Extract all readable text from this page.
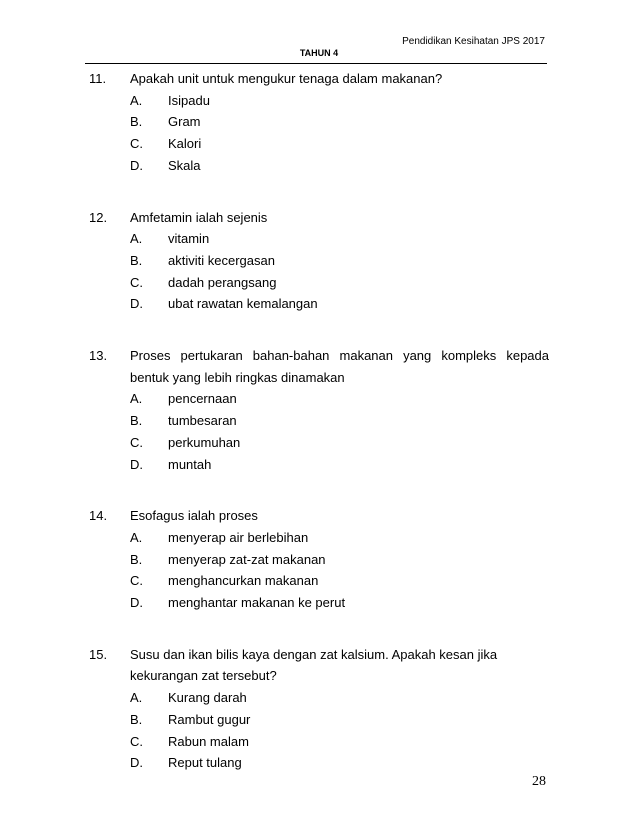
Pendidikan Kesihatan JPS 2017
TAHUN 4
11.	Apakah unit untuk mengukur tenaga dalam makanan?
A.	Isipadu
B.	Gram
C.	Kalori
D.	Skala
12.	Amfetamin ialah sejenis
A.	vitamin
B.	aktiviti kecergasan
C.	dadah perangsang
D.	ubat rawatan kemalangan
13.	Proses pertukaran bahan-bahan makanan yang kompleks kepada bentuk yang lebih ringkas dinamakan
A.	pencernaan
B.	tumbesaran
C.	perkumuhan
D.	muntah
14.	Esofagus ialah proses
A.	menyerap air berlebihan
B.	menyerap zat-zat makanan
C.	menghancurkan makanan
D.	menghantar makanan ke perut
15.	Susu dan ikan bilis kaya dengan zat kalsium. Apakah kesan jika kekurangan zat tersebut?
A.	Kurang darah
B.	Rambut gugur
C.	Rabun malam
D.	Reput tulang
28
